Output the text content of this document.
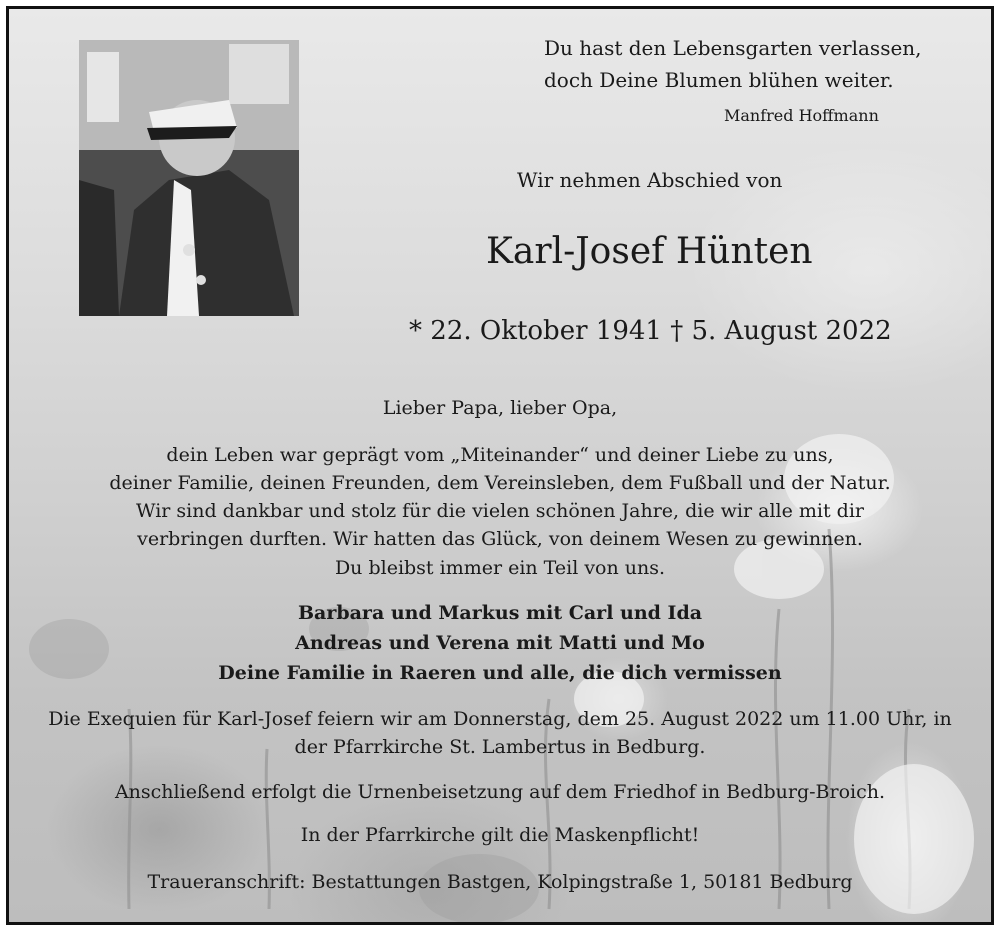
Du hast den Lebensgarten verlassen,
doch Deine Blumen blühen weiter.
Manfred Hoffmann
Wir nehmen Abschied von
Karl-Josef Hünten
* 22. Oktober 1941 † 5. August 2022
Lieber Papa, lieber Opa,
dein Leben war geprägt vom „Miteinander“ und deiner Liebe zu uns,
deiner Familie, deinen Freunden, dem Vereinsleben, dem Fußball und der Natur.
Wir sind dankbar und stolz für die vielen schönen Jahre, die wir alle mit dir
verbringen durften. Wir hatten das Glück, von deinem Wesen zu gewinnen.
Du bleibst immer ein Teil von uns.
Barbara und Markus mit Carl und Ida
Andreas und Verena mit Matti und Mo
Deine Familie in Raeren und alle, die dich vermissen
Die Exequien für Karl-Josef feiern wir am Donnerstag, dem 25. August 2022 um 11.00 Uhr, in
der Pfarrkirche St. Lambertus in Bedburg.
Anschließend erfolgt die Urnenbeisetzung auf dem Friedhof in Bedburg-Broich.
In der Pfarrkirche gilt die Maskenpflicht!
Traueranschrift: Bestattungen Bastgen, Kolpingstraße 1, 50181 Bedburg
